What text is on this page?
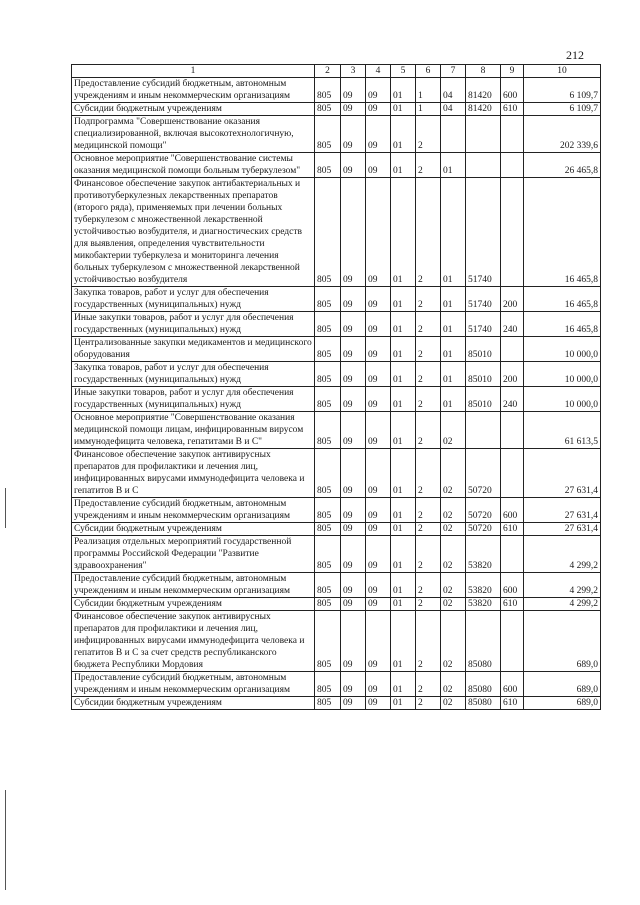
212
1	2	3	4	5	6	7	8	9	10
Предоставление субсидий бюджетным, автономным учреждениям и иным некоммерческим организациям	805	09	09	01	1	04	81420	600	6 109,7
Субсидии бюджетным учреждениям	805	09	09	01	1	04	81420	610	6 109,7
Подпрограмма "Совершенствование оказания специализированной, включая высокотехнологичную, медицинской помощи"	805	09	09	01	2				202 339,6
Основное мероприятие "Совершенствование системы оказания медицинской помощи больным туберкулезом"	805	09	09	01	2	01			26 465,8
Финансовое обеспечение закупок антибактериальных и противотуберкулезных лекарственных препаратов (второго ряда), применяемых при лечении больных туберкулезом с множественной лекарственной устойчивостью возбудителя, и диагностических средств для выявления, определения чувствительности микобактерии туберкулеза и мониторинга лечения больных туберкулезом с множественной лекарственной устойчивостью возбудителя	805	09	09	01	2	01	51740		16 465,8
Закупка товаров, работ и услуг для обеспечения государственных (муниципальных) нужд	805	09	09	01	2	01	51740	200	16 465,8
Иные закупки товаров, работ и услуг для обеспечения государственных (муниципальных) нужд	805	09	09	01	2	01	51740	240	16 465,8
Централизованные закупки медикаментов и медицинского оборудования	805	09	09	01	2	01	85010		10 000,0
Закупка товаров, работ и услуг для обеспечения государственных (муниципальных) нужд	805	09	09	01	2	01	85010	200	10 000,0
Иные закупки товаров, работ и услуг для обеспечения государственных (муниципальных) нужд	805	09	09	01	2	01	85010	240	10 000,0
Основное мероприятие "Совершенствование оказания медицинской помощи лицам, инфицированным вирусом иммунодефицита человека, гепатитами В и С"	805	09	09	01	2	02			61 613,5
Финансовое обеспечение закупок антивирусных препаратов для профилактики и лечения лиц, инфицированных вирусами иммунодефицита человека и гепатитов В и С	805	09	09	01	2	02	50720		27 631,4
Предоставление субсидий бюджетным, автономным учреждениям и иным некоммерческим организациям	805	09	09	01	2	02	50720	600	27 631,4
Субсидии бюджетным учреждениям	805	09	09	01	2	02	50720	610	27 631,4
Реализация отдельных мероприятий государственной программы Российской Федерации "Развитие здравоохранения"	805	09	09	01	2	02	53820		4 299,2
Предоставление субсидий бюджетным, автономным учреждениям и иным некоммерческим организациям	805	09	09	01	2	02	53820	600	4 299,2
Субсидии бюджетным учреждениям	805	09	09	01	2	02	53820	610	4 299,2
Финансовое обеспечение закупок антивирусных препаратов для профилактики и лечения лиц, инфицированных вирусами иммунодефицита человека и гепатитов В и С за счет средств республиканского бюджета Республики Мордовия	805	09	09	01	2	02	85080		689,0
Предоставление субсидий бюджетным, автономным учреждениям и иным некоммерческим организациям	805	09	09	01	2	02	85080	600	689,0
Субсидии бюджетным учреждениям	805	09	09	01	2	02	85080	610	689,0
